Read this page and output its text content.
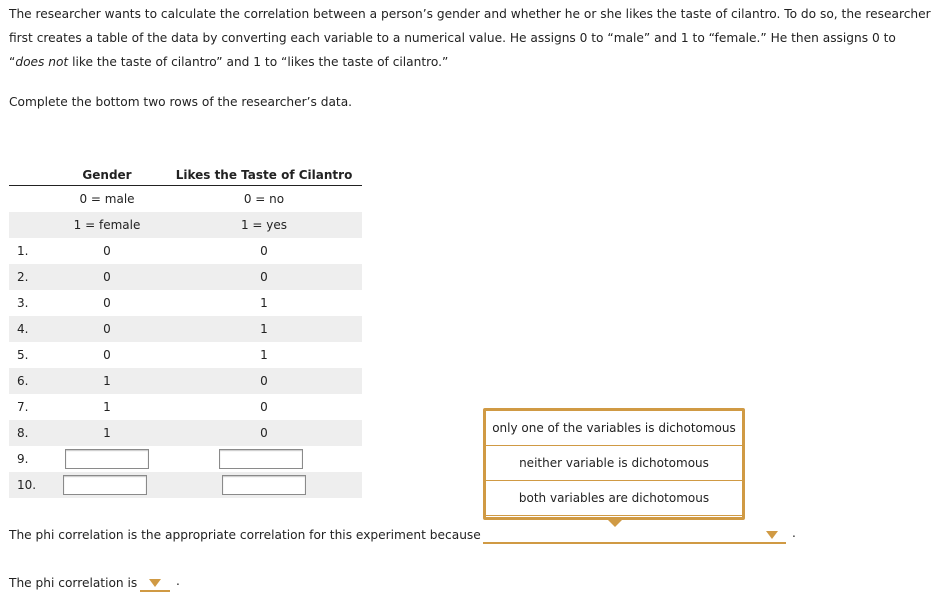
The researcher wants to calculate the correlation between a person’s gender and whether he or she likes the taste of cilantro. To do so, the researcher first creates a table of the data by converting each variable to a numerical value. He assigns 0 to “male” and 1 to “female.” He then assigns 0 to “does not like the taste of cilantro” and 1 to “likes the taste of cilantro.”
Complete the bottom two rows of the researcher’s data.
Gender	Likes the Taste of Cilantro
0 = male	0 = no
1 = female	1 = yes
1.	0	0
2.	0	0
3.	0	1
4.	0	1
5.	0	1
6.	1	0
7.	1	0
8.	1	0
9.
10.
only one of the variables is dichotomous
neither variable is dichotomous
both variables are dichotomous
The phi correlation is the appropriate correlation for this experiment because	.
The phi correlation is	.
